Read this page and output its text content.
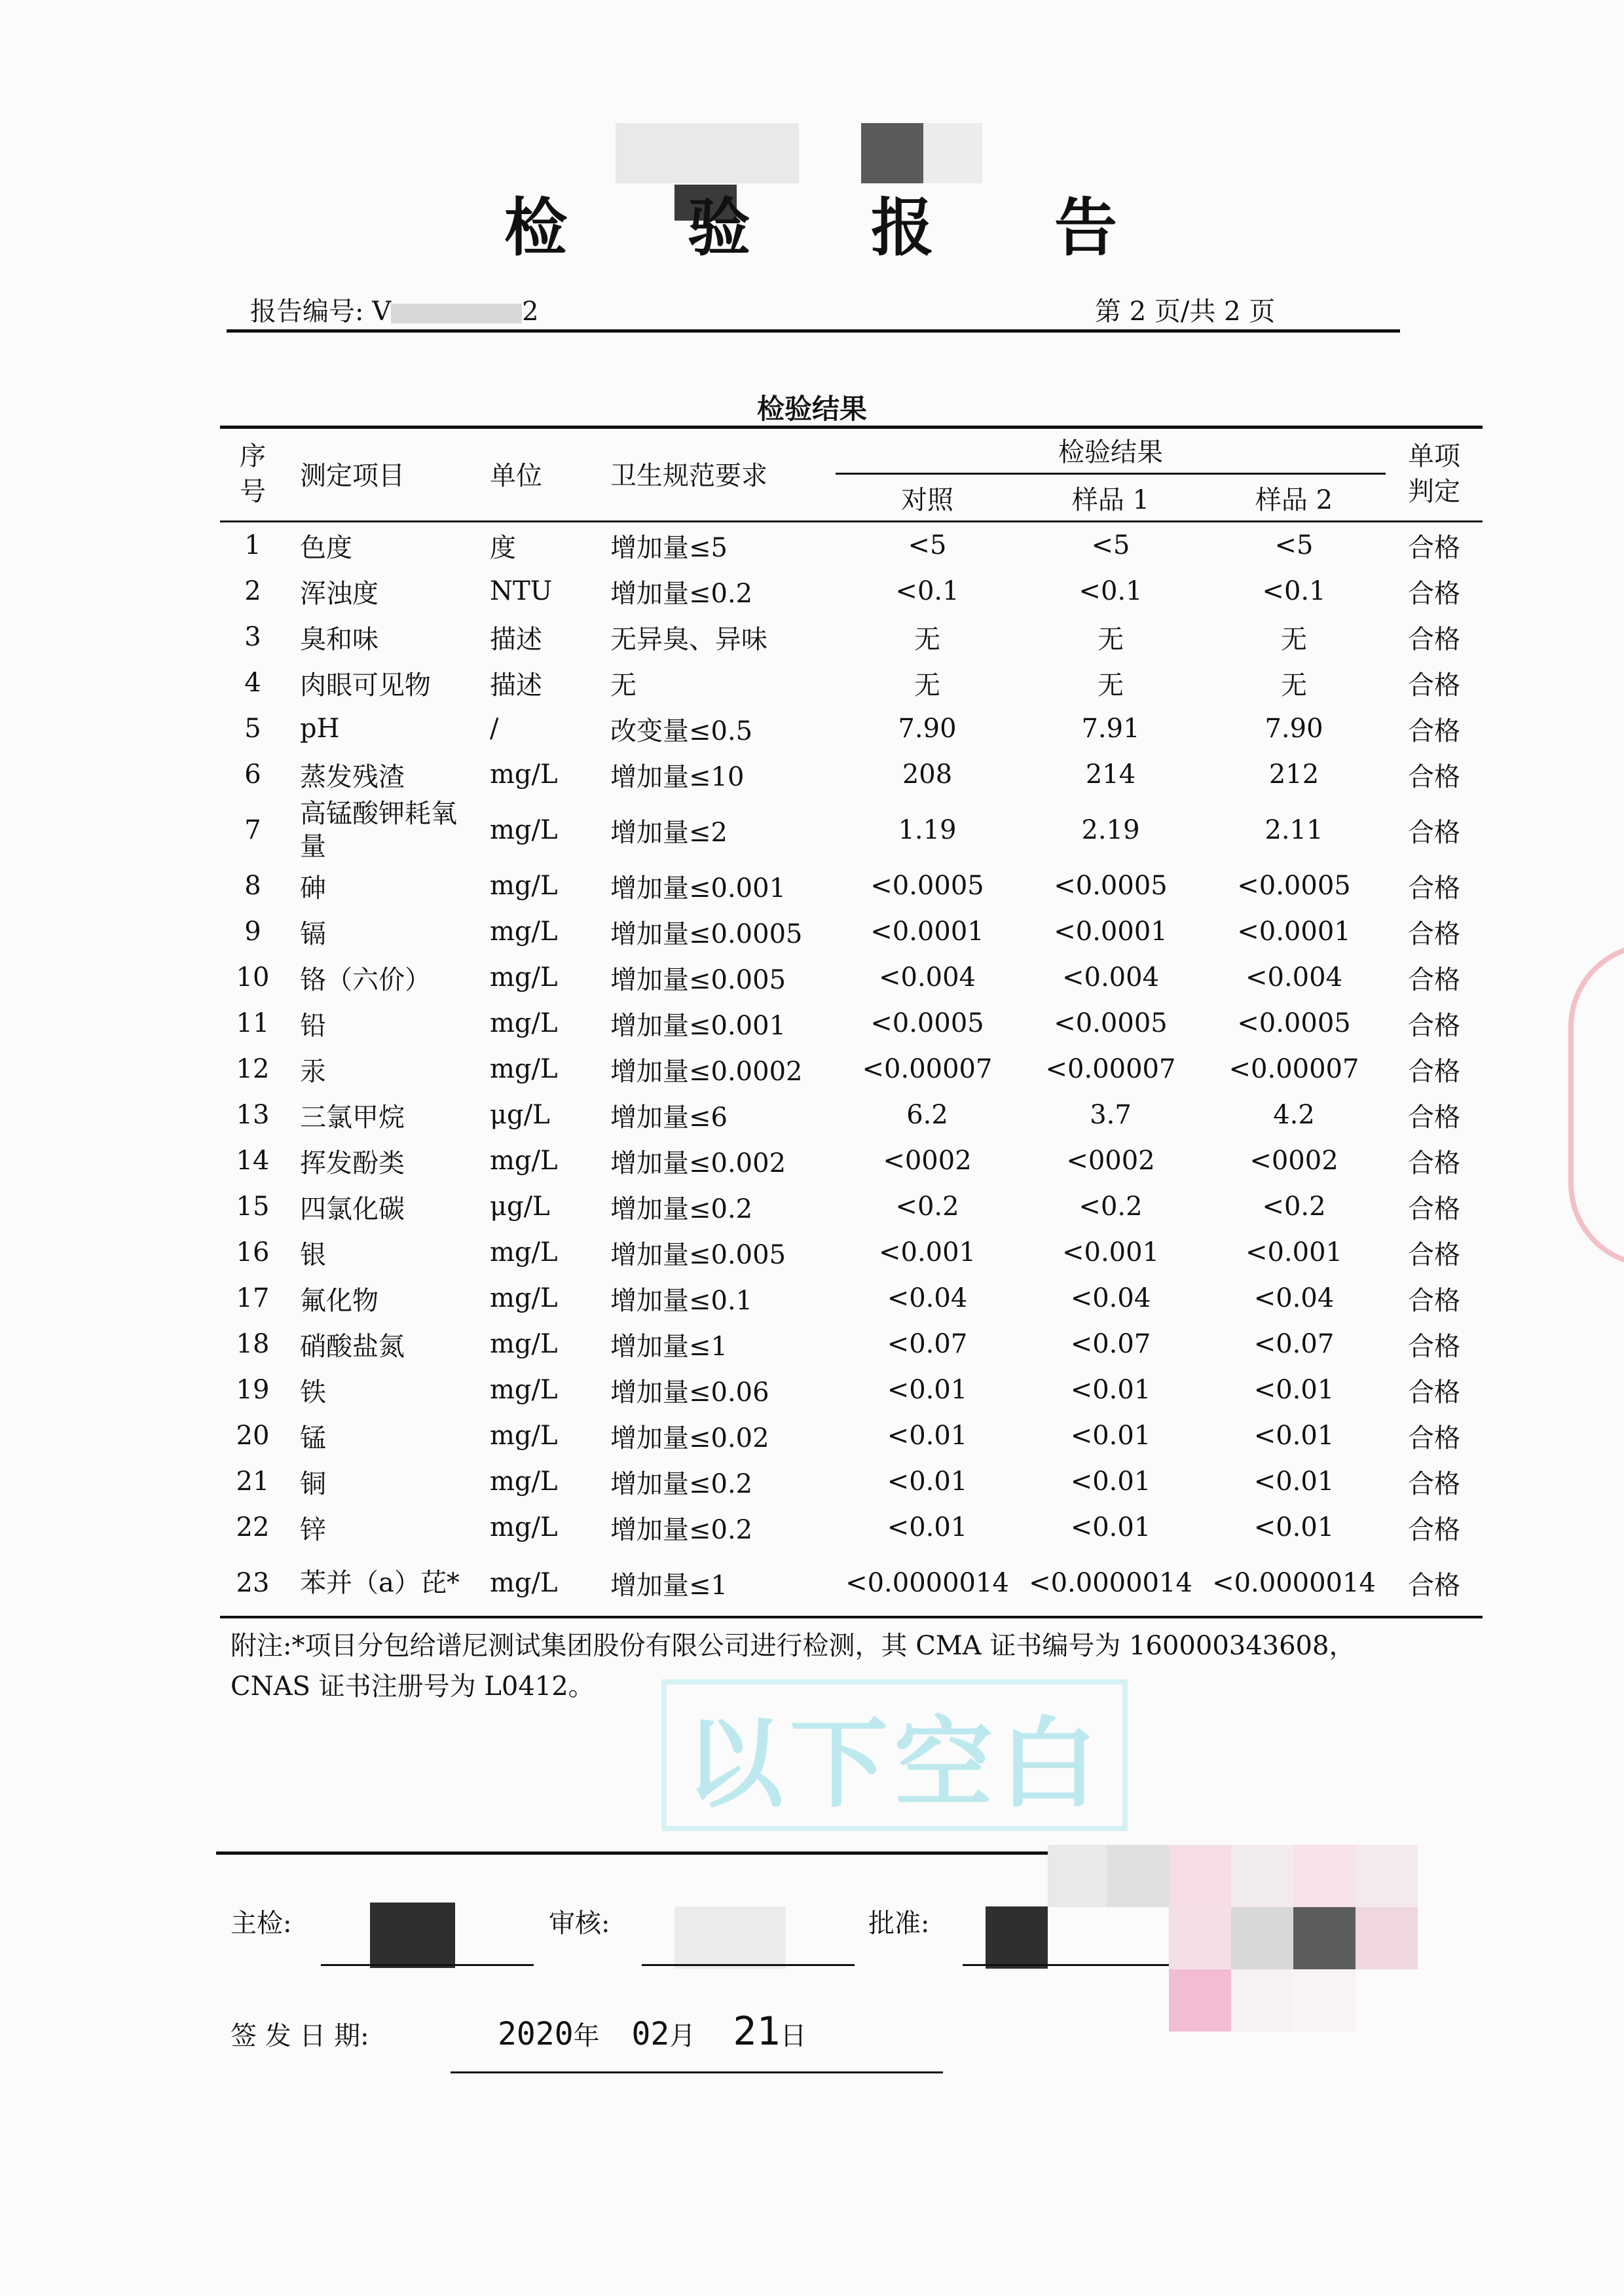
检 验 报 告
报告编号: V	2	第 2 页/共 2 页
检验结果
序
号	测定项目	单位	卫生规范要求	检验结果			单项
判定
				对照	样品 1	样品 2	
1	色度	度	增加量≤5	<5	<5	<5	合格
2	浑浊度	NTU	增加量≤0.2	<0.1	<0.1	<0.1	合格
3	臭和味	描述	无异臭、异味	无	无	无	合格
4	肉眼可见物	描述	无	无	无	无	合格
5	pH	/	改变量≤0.5	7.90	7.91	7.90	合格
6	蒸发残渣	mg/L	增加量≤10	208	214	212	合格
7	高锰酸钾耗氧量	mg/L	增加量≤2	1.19	2.19	2.11	合格
8	砷	mg/L	增加量≤0.001	<0.0005	<0.0005	<0.0005	合格
9	镉	mg/L	增加量≤0.0005	<0.0001	<0.0001	<0.0001	合格
10	铬（六价）	mg/L	增加量≤0.005	<0.004	<0.004	<0.004	合格
11	铅	mg/L	增加量≤0.001	<0.0005	<0.0005	<0.0005	合格
12	汞	mg/L	增加量≤0.0002	<0.00007	<0.00007	<0.00007	合格
13	三氯甲烷	μg/L	增加量≤6	6.2	3.7	4.2	合格
14	挥发酚类	mg/L	增加量≤0.002	<0002	<0002	<0002	合格
15	四氯化碳	μg/L	增加量≤0.2	<0.2	<0.2	<0.2	合格
16	银	mg/L	增加量≤0.005	<0.001	<0.001	<0.001	合格
17	氟化物	mg/L	增加量≤0.1	<0.04	<0.04	<0.04	合格
18	硝酸盐氮	mg/L	增加量≤1	<0.07	<0.07	<0.07	合格
19	铁	mg/L	增加量≤0.06	<0.01	<0.01	<0.01	合格
20	锰	mg/L	增加量≤0.02	<0.01	<0.01	<0.01	合格
21	铜	mg/L	增加量≤0.2	<0.01	<0.01	<0.01	合格
22	锌	mg/L	增加量≤0.2	<0.01	<0.01	<0.01	合格
23	苯并（a）芘*	mg/L	增加量≤1	<0.0000014	<0.0000014	<0.0000014	合格
附注:*项目分包给谱尼测试集团股份有限公司进行检测，其 CMA 证书编号为 160000343608，
CNAS 证书注册号为 L0412。
以下空白
主检:	审核:	批准:
签 发 日 期:	2020年 02月 21日
